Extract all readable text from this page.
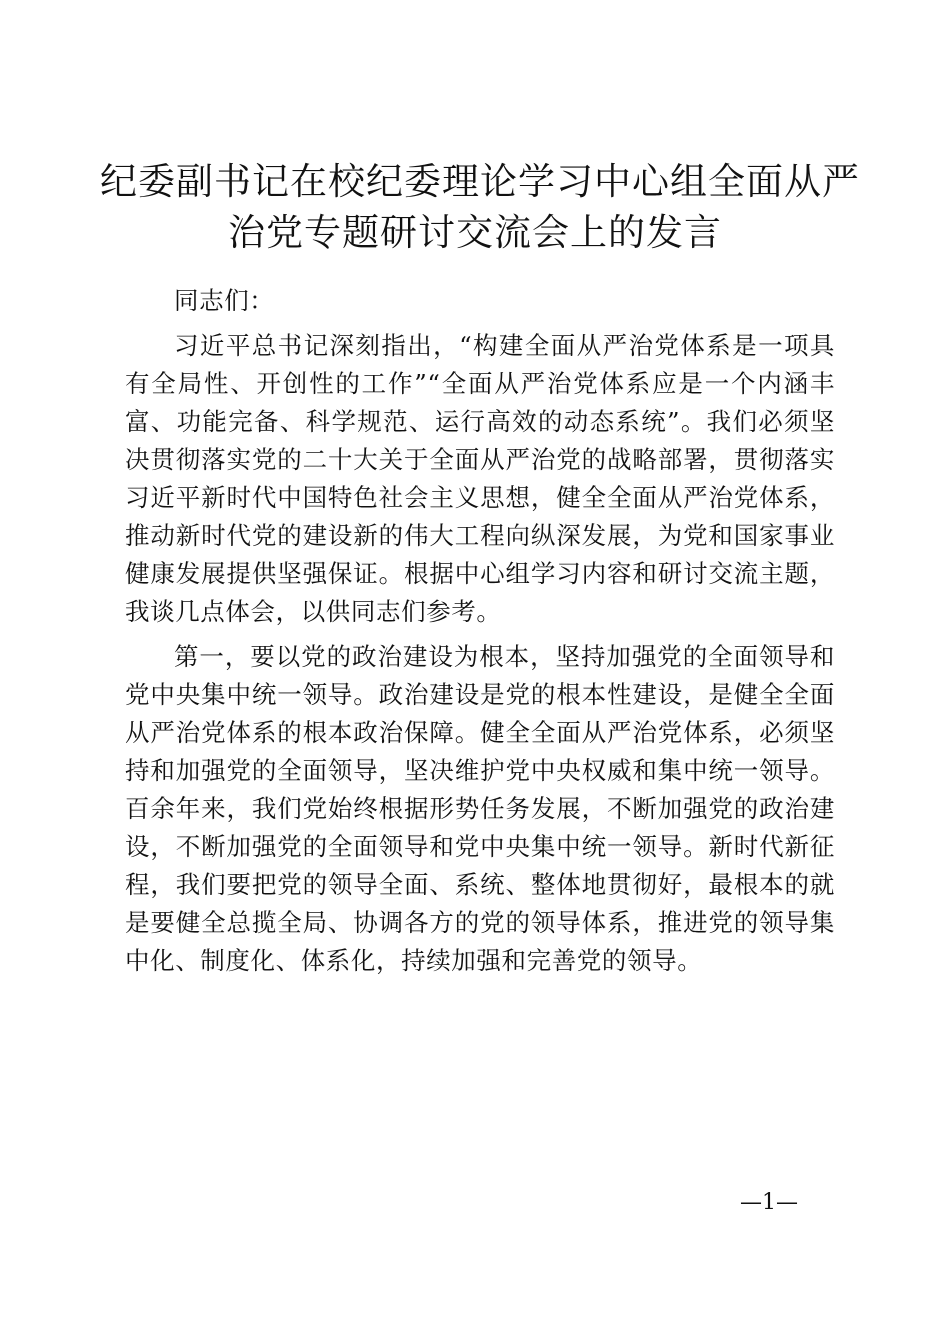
纪委副书记在校纪委理论学习中心组全面从严
治党专题研讨交流会上的发言

同志们：

习近平总书记深刻指出，“构建全面从严治党体系是一项具有全局性、开创性的工作”“全面从严治党体系应是一个内涵丰富、功能完备、科学规范、运行高效的动态系统”。我们必须坚决贯彻落实党的二十大关于全面从严治党的战略部署，贯彻落实习近平新时代中国特色社会主义思想，健全全面从严治党体系，推动新时代党的建设新的伟大工程向纵深发展，为党和国家事业健康发展提供坚强保证。根据中心组学习内容和研讨交流主题，我谈几点体会，以供同志们参考。

第一，要以党的政治建设为根本，坚持加强党的全面领导和党中央集中统一领导。政治建设是党的根本性建设，是健全全面从严治党体系的根本政治保障。健全全面从严治党体系，必须坚持和加强党的全面领导，坚决维护党中央权威和集中统一领导。百余年来，我们党始终根据形势任务发展，不断加强党的政治建设，不断加强党的全面领导和党中央集中统一领导。新时代新征程，我们要把党的领导全面、系统、整体地贯彻好，最根本的就是要健全总揽全局、协调各方的党的领导体系，推进党的领导集中化、制度化、体系化，持续加强和完善党的领导。

—1—
